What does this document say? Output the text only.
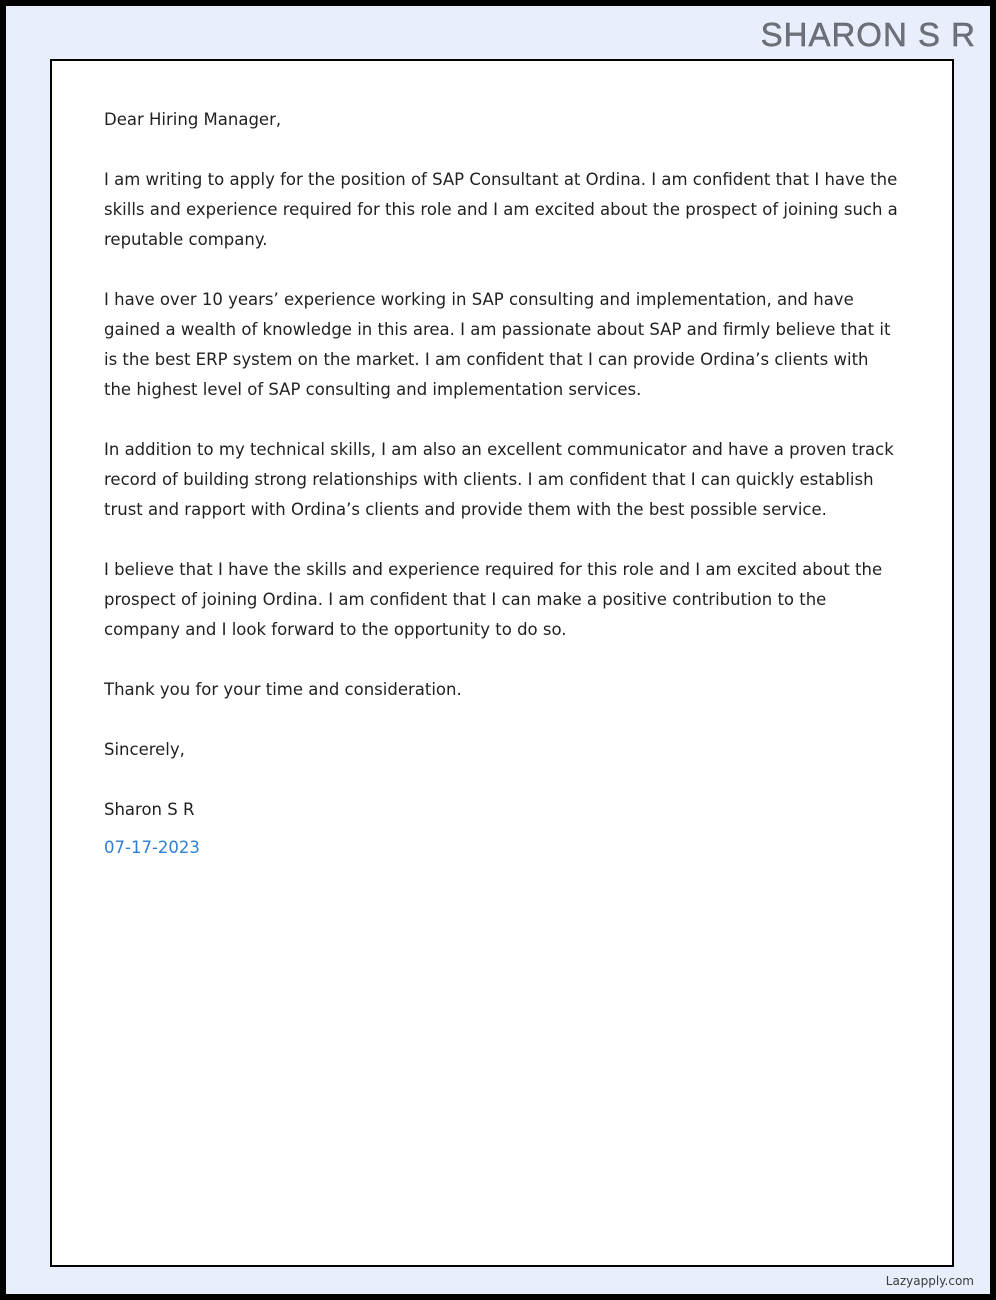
SHARON S R

Dear Hiring Manager,

I am writing to apply for the position of SAP Consultant at Ordina. I am confident that I have the skills and experience required for this role and I am excited about the prospect of joining such a reputable company.

I have over 10 years’ experience working in SAP consulting and implementation, and have gained a wealth of knowledge in this area. I am passionate about SAP and firmly believe that it is the best ERP system on the market. I am confident that I can provide Ordina’s clients with the highest level of SAP consulting and implementation services.

In addition to my technical skills, I am also an excellent communicator and have a proven track record of building strong relationships with clients. I am confident that I can quickly establish trust and rapport with Ordina’s clients and provide them with the best possible service.

I believe that I have the skills and experience required for this role and I am excited about the prospect of joining Ordina. I am confident that I can make a positive contribution to the company and I look forward to the opportunity to do so.

Thank you for your time and consideration.

Sincerely,

Sharon S R

07-17-2023

Lazyapply.com
